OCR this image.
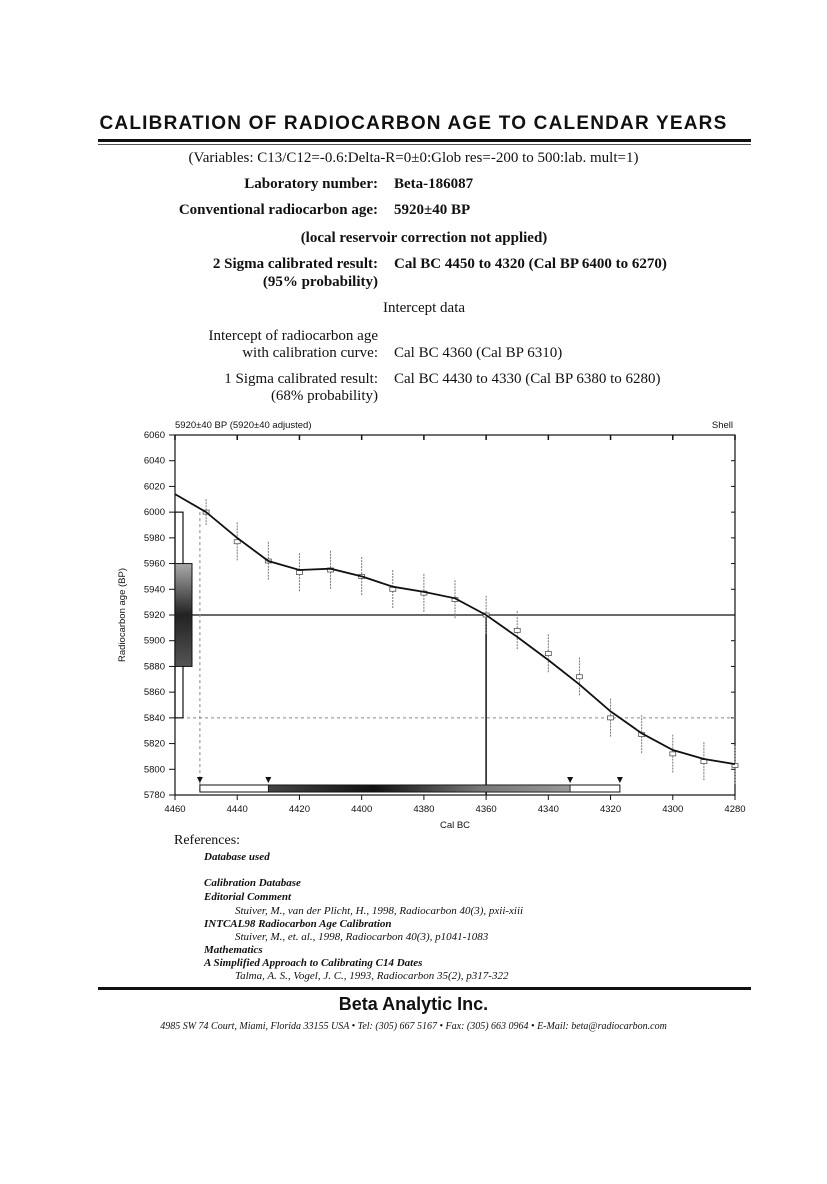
CALIBRATION OF RADIOCARBON AGE TO CALENDAR YEARS
(Variables: C13/C12=-0.6:Delta-R=0±0:Glob res=-200 to 500:lab. mult=1)
Laboratory number: Beta-186087
Conventional radiocarbon age: 5920±40 BP
(local reservoir correction not applied)
2 Sigma calibrated result:
(95% probability)
Cal BC 4450 to 4320 (Cal BP 6400 to 6270)
Intercept data
Intercept of radiocarbon age
with calibration curve: Cal BC 4360 (Cal BP 6310)
1 Sigma calibrated result:
(68% probability)
Cal BC 4430 to 4330 (Cal BP 6380 to 6280)
5920±40 BP (5920±40 adjusted)	Shell
5780
5800
5820
5840
5860
5880
5900
5920
5940
5960
5980
6000
6020
6040
6060
4460	4440	4420	4400	4380	4360	4340	4320	4300	4280
Cal BC
Radiocarbon age (BP)
References:
Database used
Calibration Database
Editorial Comment
Stuiver, M., van der Plicht, H., 1998, Radiocarbon 40(3), pxii-xiii
INTCAL98 Radiocarbon Age Calibration
Stuiver, M., et. al., 1998, Radiocarbon 40(3), p1041-1083
Mathematics
A Simplified Approach to Calibrating C14 Dates
Talma, A. S., Vogel, J. C., 1993, Radiocarbon 35(2), p317-322
Beta Analytic Inc.
4985 SW 74 Court, Miami, Florida 33155 USA • Tel: (305) 667 5167 • Fax: (305) 663 0964 • E-Mail: beta@radiocarbon.com
